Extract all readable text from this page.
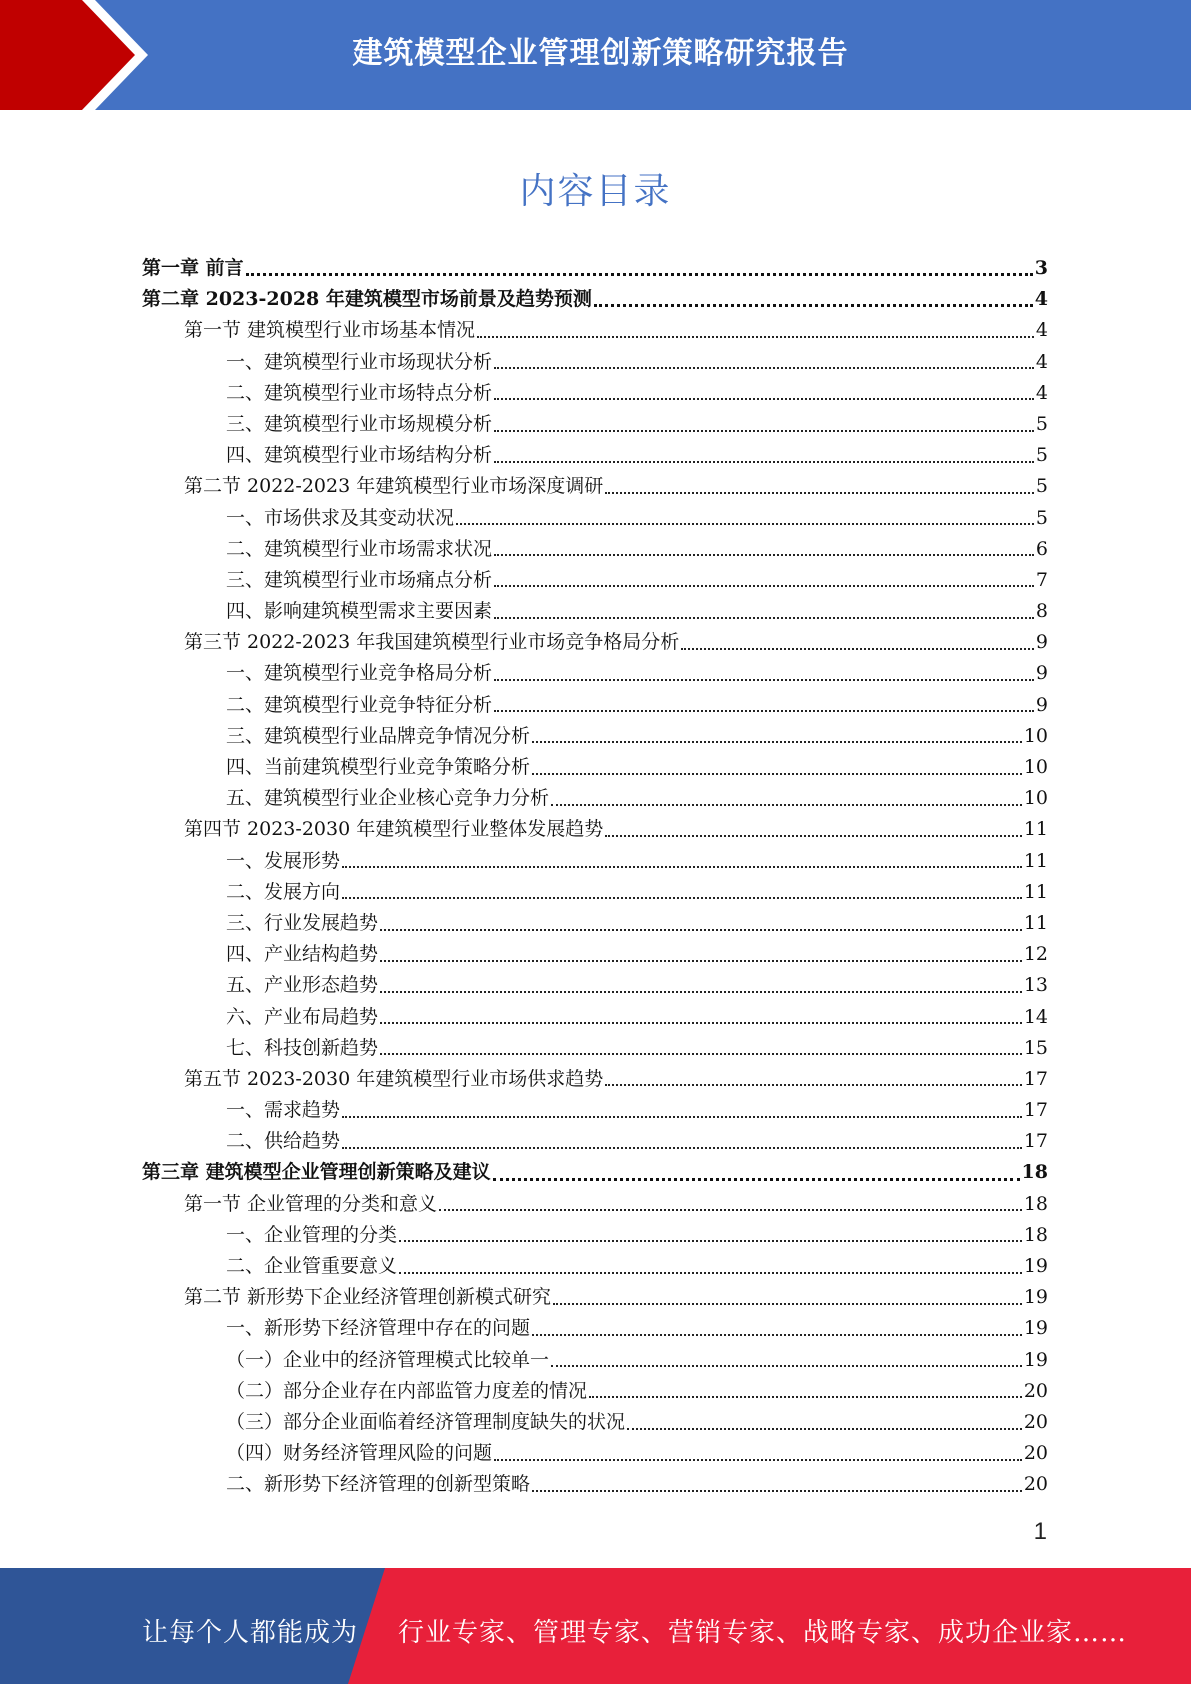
建筑模型企业管理创新策略研究报告
内容目录
第一章 前言	3
第二章 2023-2028 年建筑模型市场前景及趋势预测	4
第一节 建筑模型行业市场基本情况	4
一、建筑模型行业市场现状分析	4
二、建筑模型行业市场特点分析	4
三、建筑模型行业市场规模分析	5
四、建筑模型行业市场结构分析	5
第二节 2022-2023 年建筑模型行业市场深度调研	5
一、市场供求及其变动状况	5
二、建筑模型行业市场需求状况	6
三、建筑模型行业市场痛点分析	7
四、影响建筑模型需求主要因素	8
第三节 2022-2023 年我国建筑模型行业市场竞争格局分析	9
一、建筑模型行业竞争格局分析	9
二、建筑模型行业竞争特征分析	9
三、建筑模型行业品牌竞争情况分析	10
四、当前建筑模型行业竞争策略分析	10
五、建筑模型行业企业核心竞争力分析	10
第四节 2023-2030 年建筑模型行业整体发展趋势	11
一、发展形势	11
二、发展方向	11
三、行业发展趋势	11
四、产业结构趋势	12
五、产业形态趋势	13
六、产业布局趋势	14
七、科技创新趋势	15
第五节 2023-2030 年建筑模型行业市场供求趋势	17
一、需求趋势	17
二、供给趋势	17
第三章 建筑模型企业管理创新策略及建议	18
第一节 企业管理的分类和意义	18
一、企业管理的分类	18
二、企业管重要意义	19
第二节 新形势下企业经济管理创新模式研究	19
一、新形势下经济管理中存在的问题	19
（一）企业中的经济管理模式比较单一	19
（二）部分企业存在内部监管力度差的情况	20
（三）部分企业面临着经济管理制度缺失的状况	20
（四）财务经济管理风险的问题	20
二、新形势下经济管理的创新型策略	20
1
让每个人都能成为 行业专家、管理专家、营销专家、战略专家、成功企业家……
